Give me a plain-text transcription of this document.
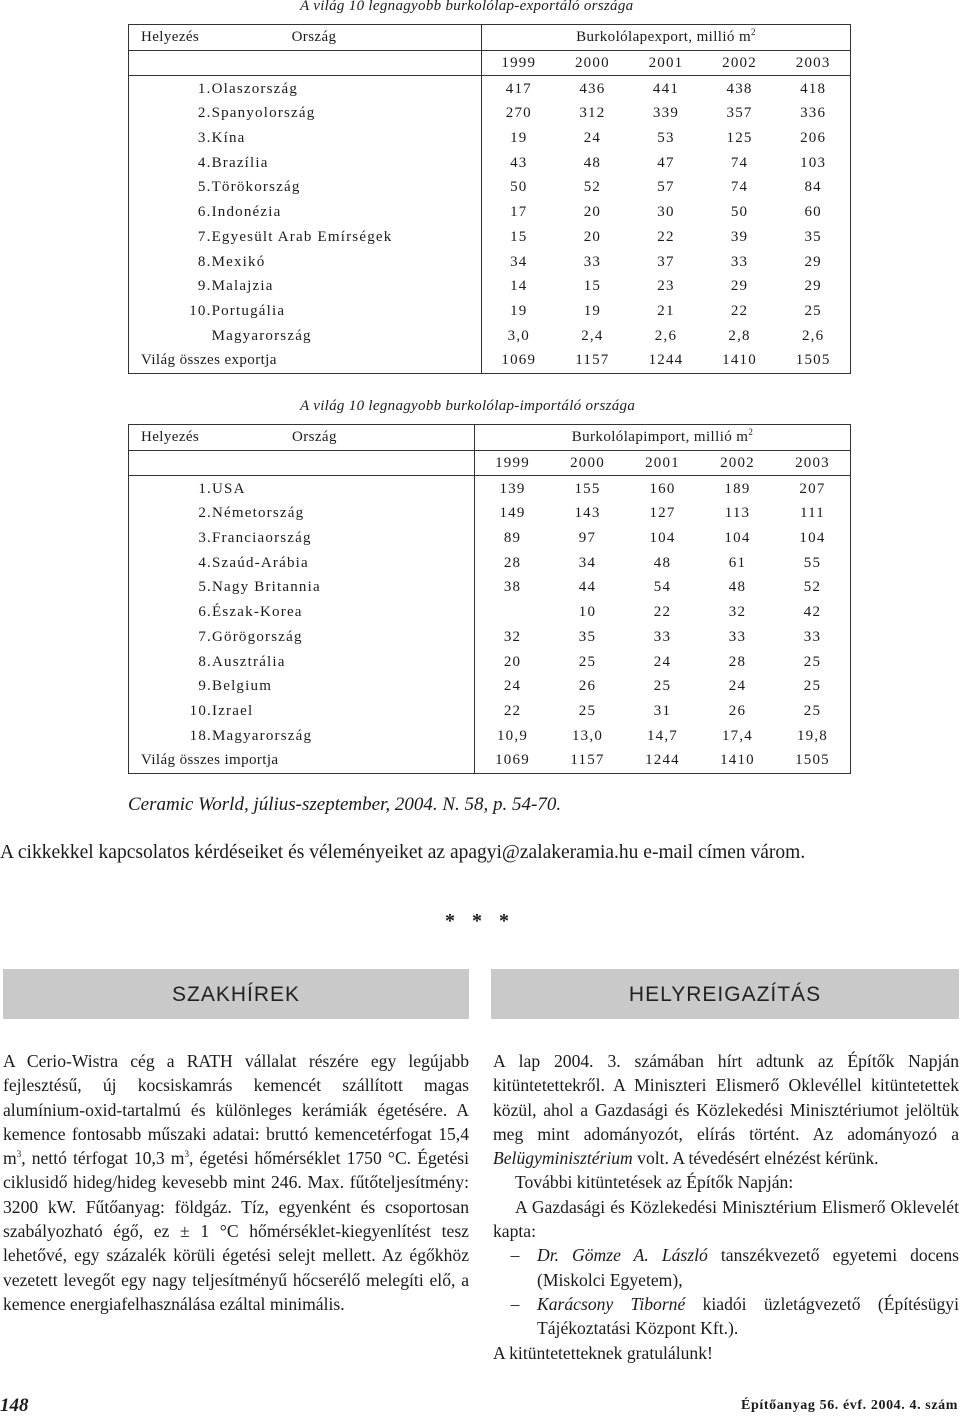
A világ 10 legnagyobb burkolólap-exportáló országa
Helyezés	Ország	Burkolólapexport, millió $m^2$
		1999	2000	2001	2002	2003
1.	Olaszország	417	436	441	438	418
2.	Spanyolország	270	312	339	357	336
3.	Kína	19	24	53	125	206
4.	Brazília	43	48	47	74	103
5.	Törökország	50	52	57	74	84
6.	Indonézia	17	20	30	50	60
7.	Egyesült Arab Emírségek	15	20	22	39	35
8.	Mexikó	34	33	37	33	29
9.	Malajzia	14	15	23	29	29
10.	Portugália	19	19	21	22	25
	Magyarország	3,0	2,4	2,6	2,8	2,6
Világ összes exportja		1069	1157	1244	1410	1505
A világ 10 legnagyobb burkolólap-importáló országa
Helyezés	Ország	Burkolólapimport, millió $m^2$
		1999	2000	2001	2002	2003
1.	USA	139	155	160	189	207
2.	Németország	149	143	127	113	111
3.	Franciaország	89	97	104	104	104
4.	Szaúd-Arábia	28	34	48	61	55
5.	Nagy Britannia	38	44	54	48	52
6.	Észak-Korea		10	22	32	42
7.	Görögország	32	35	33	33	33
8.	Ausztrália	20	25	24	28	25
9.	Belgium	24	26	25	24	25
10.	Izrael	22	25	31	26	25
18.	Magyarország	10,9	13,0	14,7	17,4	19,8
Világ összes importja		1069	1157	1244	1410	1505
Ceramic World, július-szeptember, 2004. N. 58, p. 54-70.
A cikkekkel kapcsolatos kérdéseiket és véleményeiket az apagyi@zalakeramia.hu e-mail címen várom.
* * *
SZAKHÍREK	HELYREIGAZÍTÁS

A Cerio-Wistra cég a RATH vállalat részére egy legújabb fejlesztésű, új kocsiskamrás kemencét szállított magas alumínium-oxid-tartalmú és különleges kerámiák égetésére. A kemence fontosabb műszaki adatai: bruttó kemencetérfogat 15,4 $m^3$, nettó térfogat 10,3 $m^3$, égetési hőmérséklet 1750 °C. Égetési ciklusidő hideg/hideg kevesebb mint 246. Max. fűtőteljesítmény: 3200 kW. Fűtőanyag: földgáz. Tíz, egyenként és csoportosan szabályozható égő, ez ± 1 °C hőmérséklet-kiegyenlítést tesz lehetővé, egy százalék körüli égetési selejt mellett. Az égőkhöz vezetett levegőt egy nagy teljesítményű hőcserélő melegíti elő, a kemence energiafelhasználása ezáltal minimális.

A lap 2004. 3. számában hírt adtunk az Építők Napján kitüntetettekről. A Miniszteri Elismerő Oklevéllel kitüntetettek közül, ahol a Gazdasági és Közlekedési Minisztériumot jelöltük meg mint adományozót, elírás történt. Az adományozó a Belügyminisztérium volt. A tévedésért elnézést kérünk.

További kitüntetések az Építők Napján:

A Gazdasági és Közlekedési Minisztérium Elismerő Oklevelét kapta:

–	Dr. Gömze A. László tanszékvezető egyetemi docens (Miskolci Egyetem),
–	Karácsony Tiborné kiadói üzletágvezető (Építésügyi Tájékoztatási Központ Kft.).

A kitüntetetteknek gratulálunk!

148	Építőanyag 56. évf. 2004. 4. szám
